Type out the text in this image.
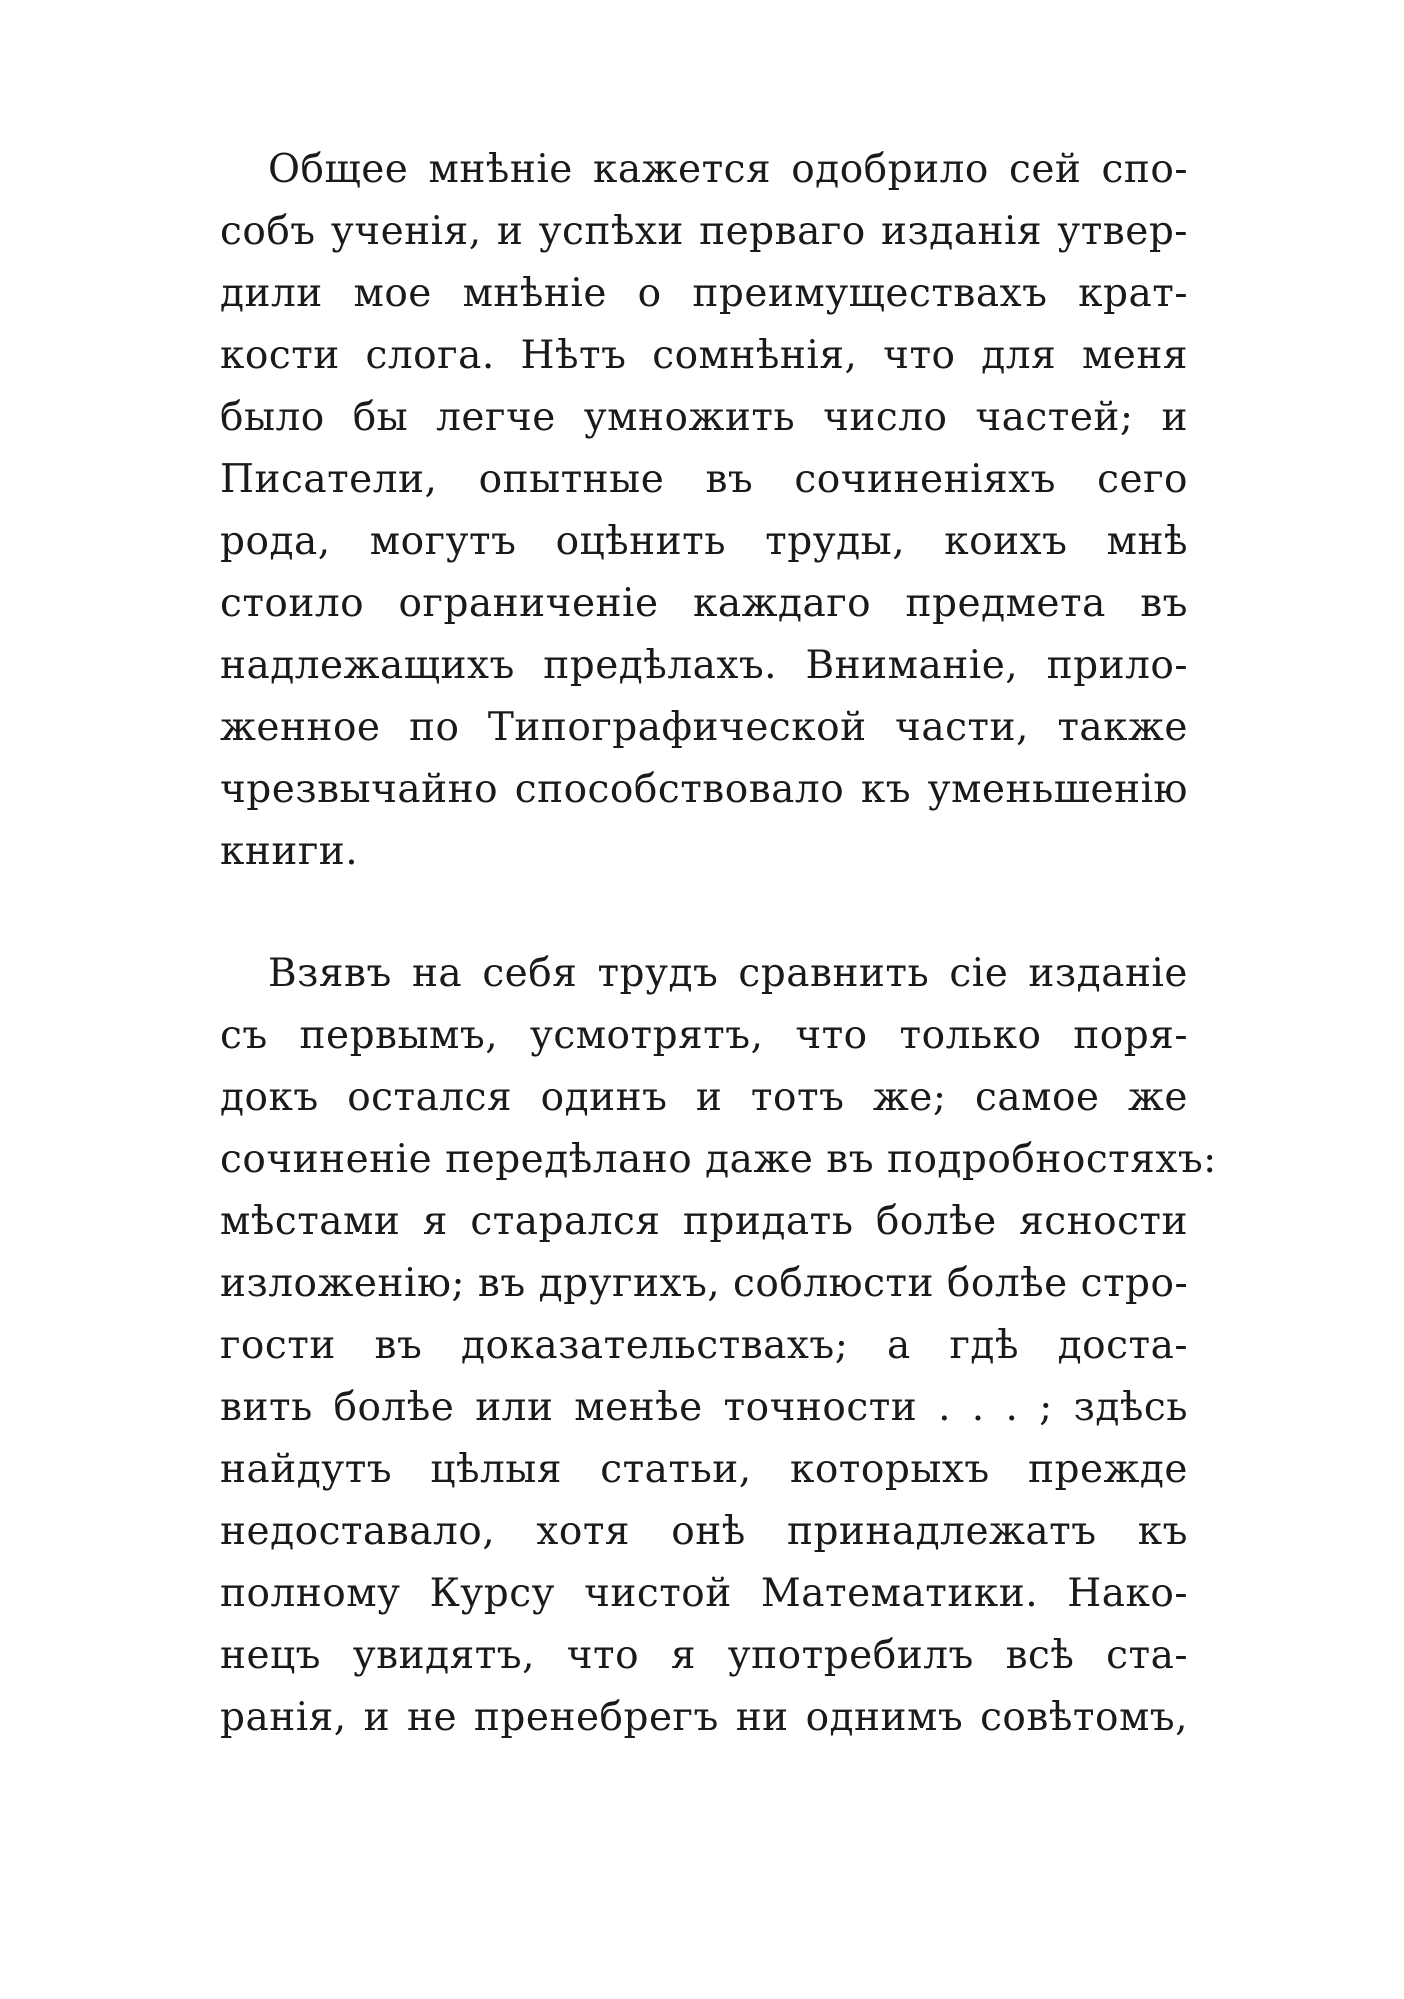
Общее мнѣніе кажется одобрило сей спо-
собъ ученія, и успѣхи перваго изданія утвер-
дили мое мнѣніе о преимуществахъ крат-
кости слога. Нѣтъ сомнѣнія, что для меня
было бы легче умножить число частей; и
Писатели, опытные въ сочиненіяхъ сего
рода, могутъ оцѣнить труды, коихъ мнѣ
стоило ограниченіе каждаго предмета въ
надлежащихъ предѣлахъ. Вниманіе, прило-
женное по Типографической части, также
чрезвычайно способствовало къ уменьшенію
книги.
Взявъ на себя трудъ сравнить сіе изданіе
съ первымъ, усмотрятъ, что только поря-
докъ остался одинъ и тотъ же; самое же
сочиненіе передѣлано даже въ подробностяхъ:
мѣстами я старался придать болѣе ясности
изложенію; въ другихъ, соблюсти болѣе стро-
гости въ доказательствахъ; а гдѣ доста-
вить болѣе или менѣе точности . . . ; здѣсь
найдутъ цѣлыя статьи, которыхъ прежде
недоставало, хотя онѣ принадлежатъ къ
полному Курсу чистой Математики. Нако-
нецъ увидятъ, что я употребилъ всѣ ста-
ранія, и не пренебрегъ ни однимъ совѣтомъ,
